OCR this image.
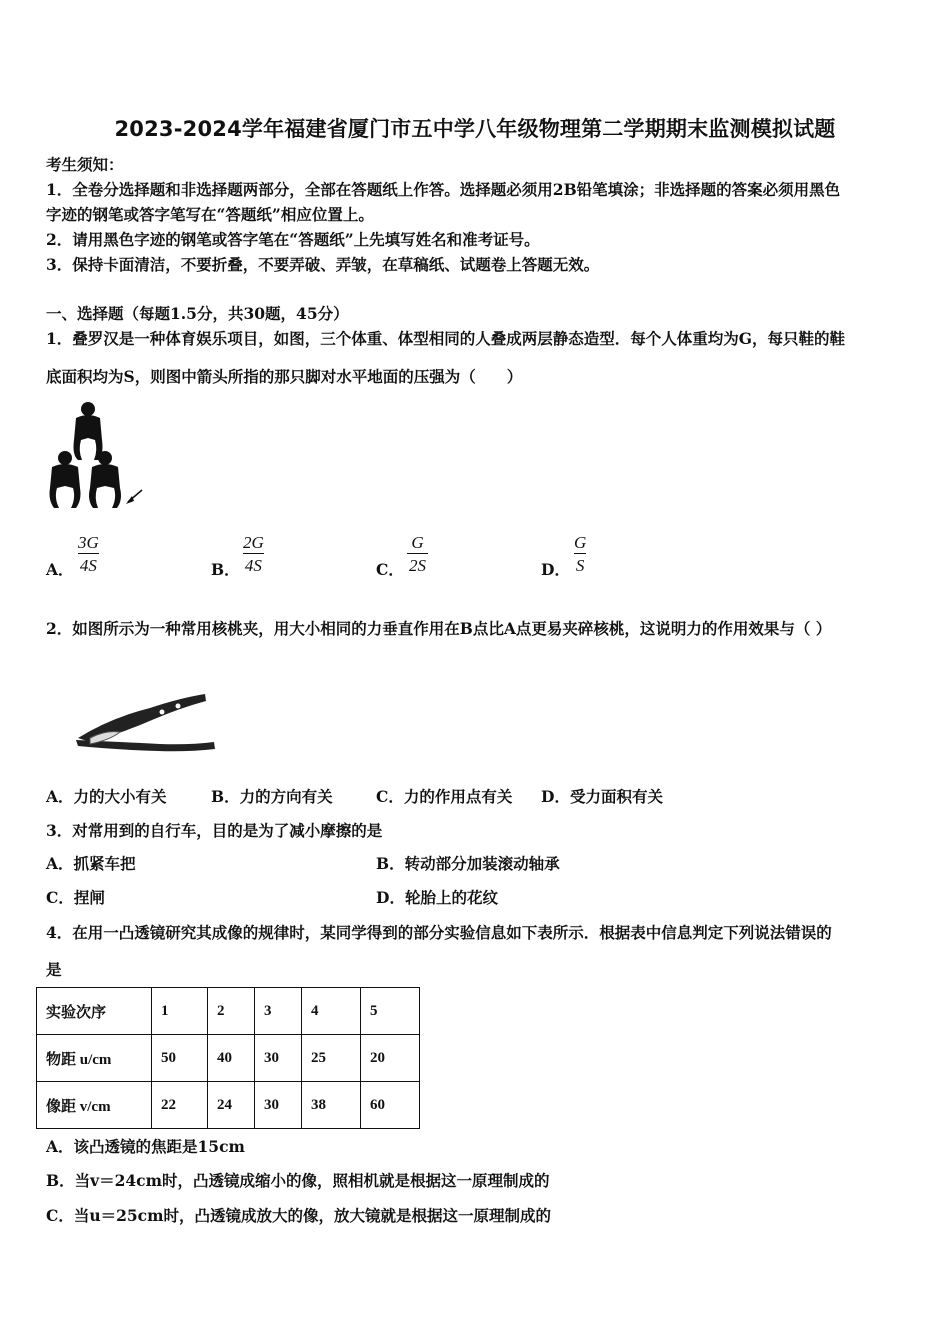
2023-2024学年福建省厦门市五中学八年级物理第二学期期末监测模拟试题
考生须知：
1．全卷分选择题和非选择题两部分，全部在答题纸上作答。选择题必须用2B铅笔填涂；非选择题的答案必须用黑色
字迹的钢笔或答字笔写在“答题纸”相应位置上。
2．请用黑色字迹的钢笔或答字笔在“答题纸”上先填写姓名和准考证号。
3．保持卡面清洁，不要折叠，不要弄破、弄皱，在草稿纸、试题卷上答题无效。
一、选择题（每题1.5分，共30题，45分）
1．叠罗汉是一种体育娱乐项目，如图，三个体重、体型相同的人叠成两层静态造型．每个人体重均为G，每只鞋的鞋
底面积均为S，则图中箭头所指的那只脚对水平地面的压强为（　　）
A． $\frac{3G}{4S}$	B． $\frac{2G}{4S}$	C． $\frac{G}{2S}$	D． $\frac{G}{S}$
2．如图所示为一种常用核桃夹，用大小相同的力垂直作用在B点比A点更易夹碎核桃，这说明力的作用效果与（ ）
A．力的大小有关	B．力的方向有关	C．力的作用点有关 D．受力面积有关
3．对常用到的自行车，目的是为了减小摩擦的是
A．抓紧车把	B．转动部分加装滚动轴承
C．捏闸	D．轮胎上的花纹
4．在用一凸透镜研究其成像的规律时，某同学得到的部分实验信息如下表所示．根据表中信息判定下列说法错误的
是
实验次序	1	2	3	4	5
物距 u/cm	50	40	30	25	20
像距 v/cm	22	24	30	38	60
A．该凸透镜的焦距是15cm
B．当v＝24cm时，凸透镜成缩小的像，照相机就是根据这一原理制成的
C．当u＝25cm时，凸透镜成放大的像，放大镜就是根据这一原理制成的
